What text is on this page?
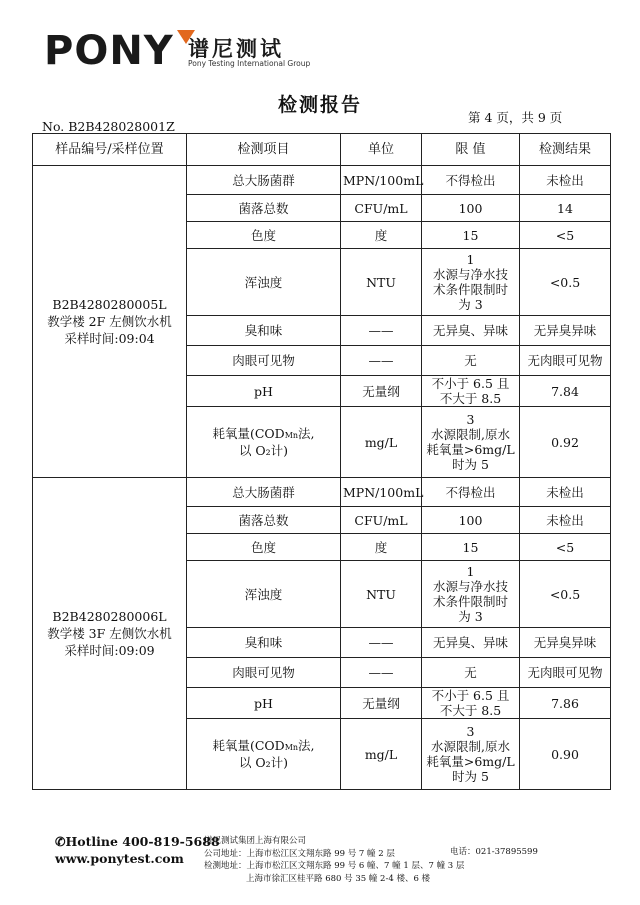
PONY 谱尼测试
Pony Testing International Group
检测报告
第 4 页，共 9 页
No. B2B428028001Z
样品编号/采样位置	检测项目	单位	限 值	检测结果

B2B4280280005L
教学楼 2F 左侧饮水机
采样时间:09:04	总大肠菌群	MPN/100mL	不得检出	未检出
	菌落总数	CFU/mL	100	14
	色度	度	15	<5
	浑浊度	NTU	1
水源与净水技
术条件限制时
为 3	<0.5
	臭和味	——	无异臭、异味	无异臭异味
	肉眼可见物	——	无	无肉眼可见物
	pH	无量纲	不小于 6.5 且
不大于 8.5	7.84
	耗氧量(CODMn法,
以 O₂计)	mg/L	3
水源限制,原水
耗氧量>6mg/L
时为 5	0.92

B2B4280280006L
教学楼 3F 左侧饮水机
采样时间:09:09	总大肠菌群	MPN/100mL	不得检出	未检出
	菌落总数	CFU/mL	100	未检出
	色度	度	15	<5
	浑浊度	NTU	1
水源与净水技
术条件限制时
为 3	<0.5
	臭和味	——	无异臭、异味	无异臭异味
	肉眼可见物	——	无	无肉眼可见物
	pH	无量纲	不小于 6.5 且
不大于 8.5	7.86
	耗氧量(CODMn法,
以 O₂计)	mg/L	3
水源限制,原水
耗氧量>6mg/L
时为 5	0.90
✆Hotline 400-819-5688
www.ponytest.com
谱尼测试集团上海有限公司
公司地址：上海市松江区文翔东路 99 号 7 幢 2 层
检测地址：上海市松江区文翔东路 99 号 6 幢、7 幢 1 层、7 幢 3 层
上海市徐汇区桂平路 680 号 35 幢 2-4 楼、6 楼
电话：021-37895599
